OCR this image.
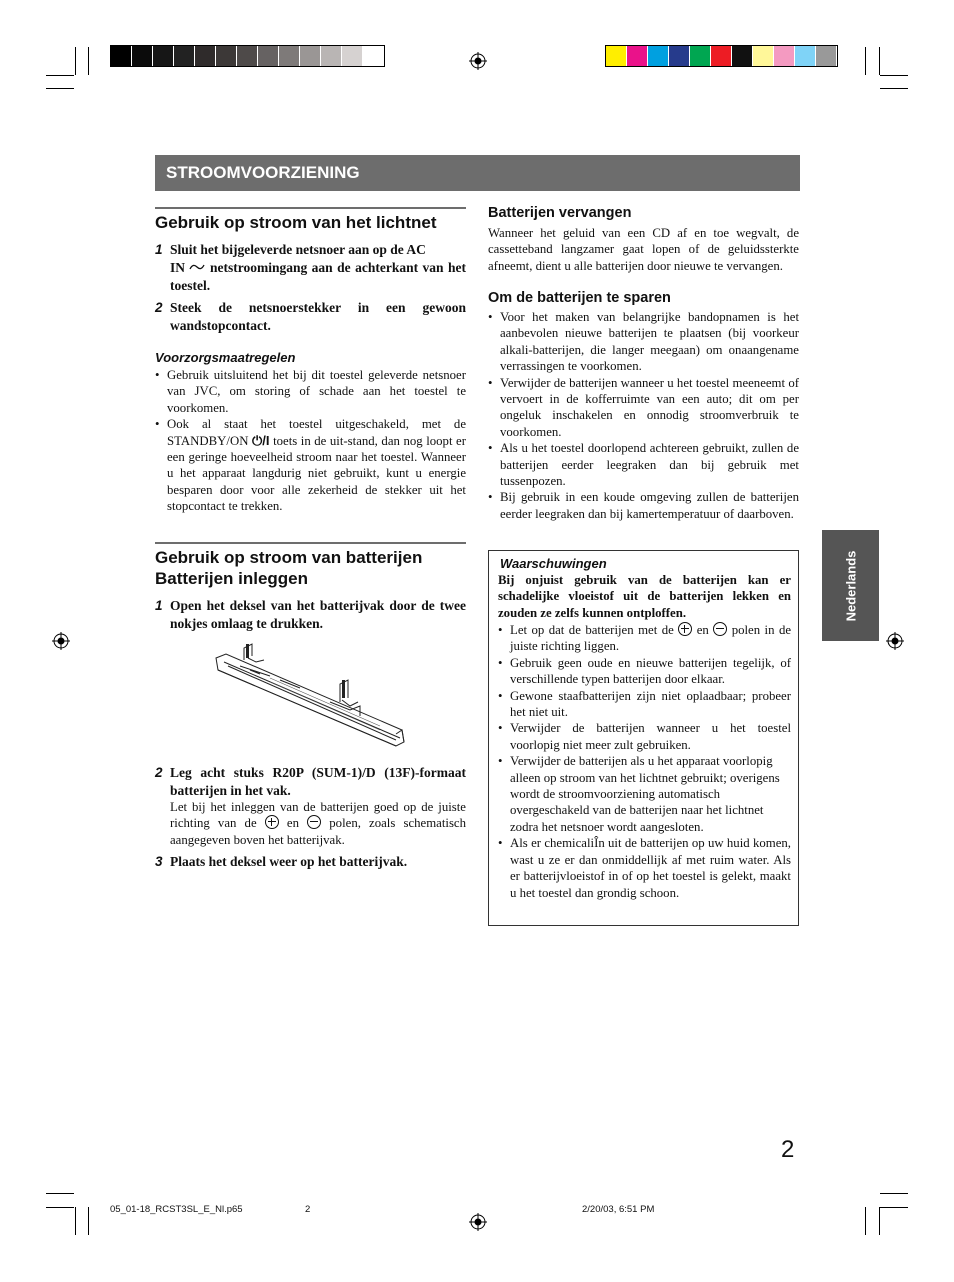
STROOMVOORZIENING
Gebruik op stroom van het lichtnet
1 Sluit het bijgeleverde netsnoer aan op de AC
IN netstroomingang aan de achterkant van het toestel.
2 Steek de netsnoerstekker in een gewoon wandstopcontact.
Voorzorgsmaatregelen
• Gebruik uitsluitend het bij dit toestel geleverde netsnoer van JVC, om storing of schade aan het toestel te voorkomen.
• Ook al staat het toestel uitgeschakeld, met de STANDBY/ON ⏻/I toets in de uit-stand, dan nog loopt er een geringe hoeveelheid stroom naar het toestel. Wanneer u het apparaat langdurig niet gebruikt, kunt u energie besparen door voor alle zekerheid de stekker uit het stopcontact te trekken.
Gebruik op stroom van batterijen
Batterijen inleggen
1 Open het deksel van het batterijvak door de twee nokjes omlaag te drukken.
2 Leg acht stuks R20P (SUM-1)/D (13F)-formaat batterijen in het vak.
Let bij het inleggen van de batterijen goed op de juiste richting van de en polen, zoals schematisch aangegeven boven het batterijvak.
3 Plaats het deksel weer op het batterijvak.
Batterijen vervangen
Wanneer het geluid van een CD af en toe wegvalt, de cassetteband langzamer gaat lopen of de geluidssterkte afneemt, dient u alle batterijen door nieuwe te vervangen.
Om de batterijen te sparen
• Voor het maken van belangrijke bandopnamen is het aanbevolen nieuwe batterijen te plaatsen (bij voorkeur alkali-batterijen, die langer meegaan) om onaangename verrassingen te voorkomen.
• Verwijder de batterijen wanneer u het toestel meeneemt of vervoert in de kofferruimte van een auto; dit om per ongeluk inschakelen en onnodig stroomverbruik te voorkomen.
• Als u het toestel doorlopend achtereen gebruikt, zullen de batterijen eerder leegraken dan bij gebruik met tussenpozen.
• Bij gebruik in een koude omgeving zullen de batterijen eerder leegraken dan bij kamertemperatuur of daarboven.
Waarschuwingen
Bij onjuist gebruik van de batterijen kan er schadelijke vloeistof uit de batterijen lekken en zouden ze zelfs kunnen ontploffen.
• Let op dat de batterijen met de en polen in de juiste richting liggen.
• Gebruik geen oude en nieuwe batterijen tegelijk, of verschillende typen batterijen door elkaar.
• Gewone staafbatterijen zijn niet oplaadbaar; probeer het niet uit.
• Verwijder de batterijen wanneer u het toestel voorlopig niet meer zult gebruiken.
• Verwijder de batterijen als u het apparaat voorlopig alleen op stroom van het lichtnet gebruikt; overigens wordt de stroomvoorziening automatisch overgeschakeld van de batterijen naar het lichtnet zodra het netsnoer wordt aangesloten.
• Als er chemicaliÎn uit de batterijen op uw huid komen, wast u ze er dan onmiddellijk af met ruim water. Als er batterijvloeistof in of op het toestel is gelekt, maakt u het toestel dan grondig schoon.
Nederlands
2
05_01-18_RCST3SL_E_Nl.p65	2	2/20/03, 6:51 PM
